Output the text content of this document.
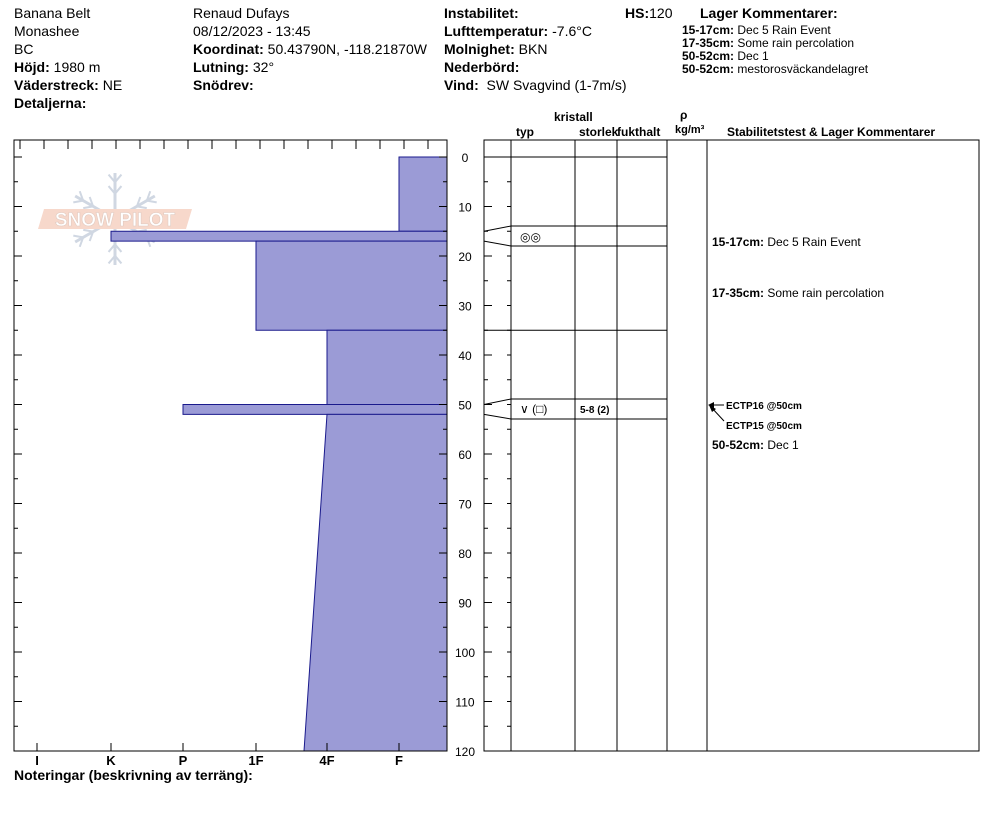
Banana Belt
Monashee
BC
Höjd: 1980 m
Väderstreck: NE
Detaljerna:
Renaud Dufays
08/12/2023 - 13:45
Koordinat: 50.43790N, -118.21870W
Lutning: 32°
Snödrev:
Instabilitet:
Lufttemperatur: -7.6°C
Molnighet: BKN
Nederbörd:
Vind: SW Svagvind (1-7m/s)
HS:120 Lager Kommentarer:
15-17cm: Dec 5 Rain Event
17-35cm: Some rain percolation
50-52cm: Dec 1
50-52cm: mestorosväckandelagret
kristall
typ	storlek
fukthalt
ρ
kg/m³ Stabilitetstest & Lager Kommentarer
SNOW PILOT
0
10
20
30
40
50
60
70
80
90
100
110
120
◎◎
∨ (□)	5-8 (2)	ECTP16 @50cm
ECTP15 @50cm
15-17cm: Dec 5 Rain Event
17-35cm: Some rain percolation
50-52cm: Dec 1
I	K	P	1F	4F	F
Noteringar (beskrivning av terräng):
